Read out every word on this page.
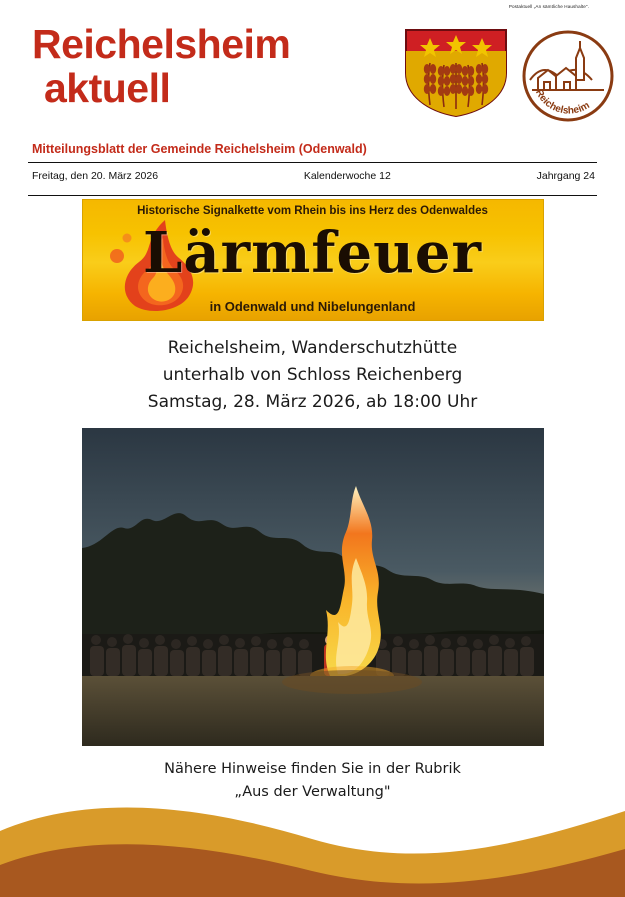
Postaktuell „An sämtliche Haushalte".
Reichelsheim
aktuell	Reichelsheim
Mitteilungsblatt der Gemeinde Reichelsheim (Odenwald)
Freitag, den 20. März 2026	Kalenderwoche 12	Jahrgang 24
Historische Signalkette vom Rhein bis ins Herz des Odenwaldes
Lärmfeuer
in Odenwald und Nibelungenland
Reichelsheim, Wanderschutzhütte
unterhalb von Schloss Reichenberg
Samstag, 28. März 2026, ab 18:00 Uhr
Nähere Hinweise finden Sie in der Rubrik
„Aus der Verwaltung"
